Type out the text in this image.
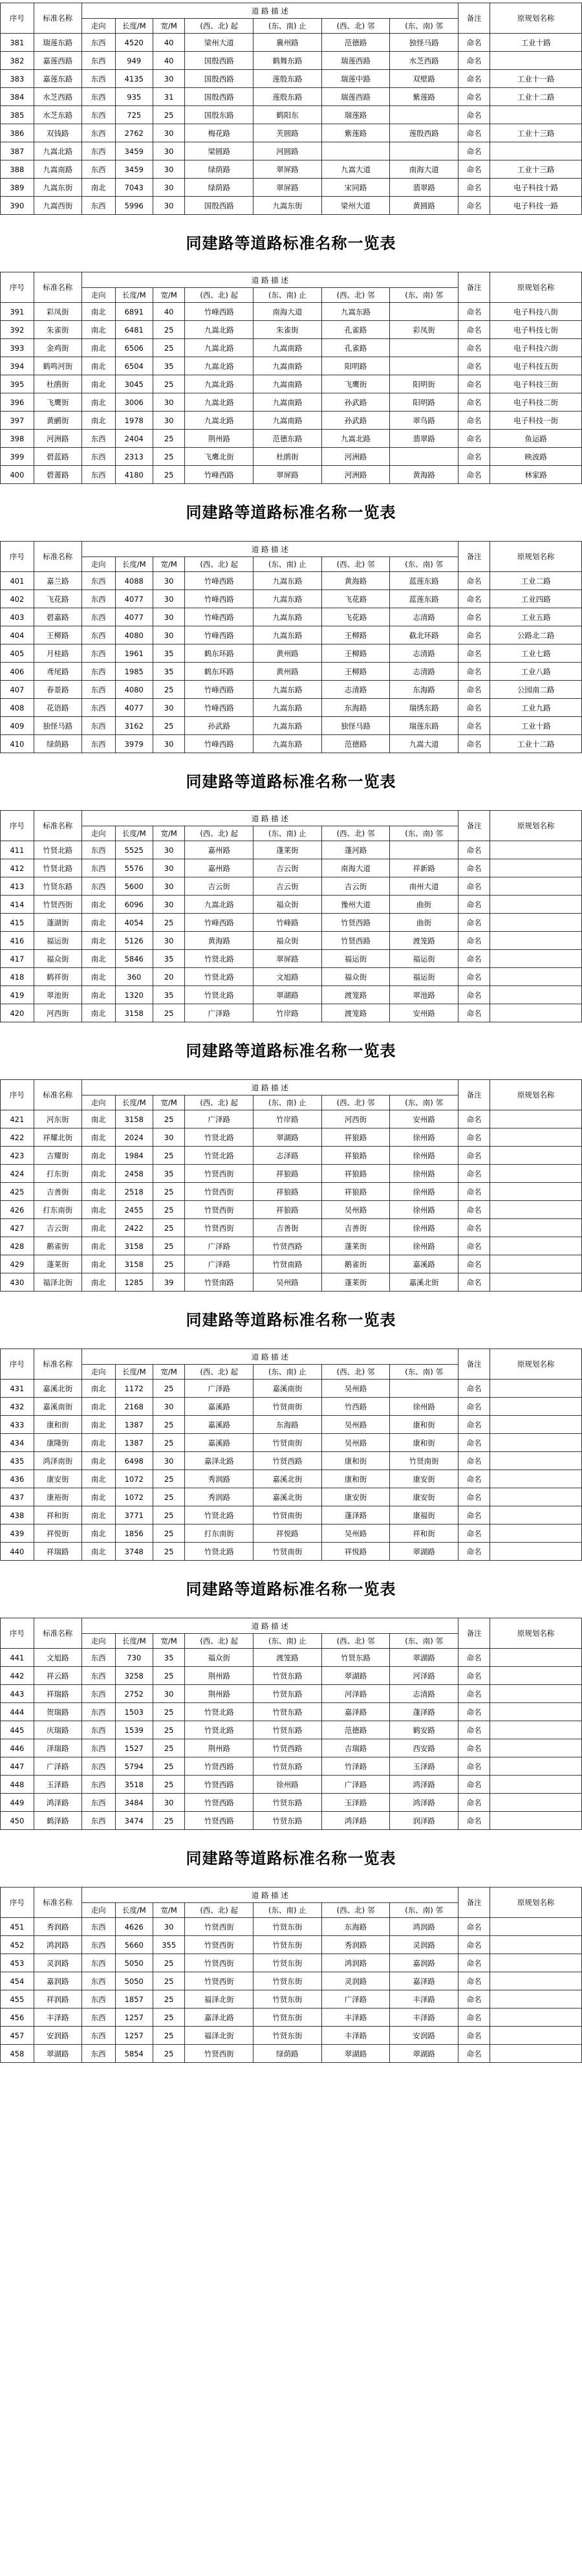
序号	标准名称	道 路 描 述							备注	原规划名称
		走向	长度/M	宽/M	(西、北) 起	(东、南) 止	(西、北) 邻	(东、南) 邻		
381	瑞莲东路	东西	4520	40	梁州大道	冀州路	范德路	独怪马路	命名	工业十路
382	嘉莲西路	东西	949	40	国殷西路	鹤舞东路	瑞莲西路	水芝西路	命名	
383	嘉莲东路	东西	4135	30	国殷西路	莲殷东路	瑞莲中路	双壁路	命名	工业十一路
384	水芝西路	东西	935	31	国殷西路	莲殷东路	瑞莲西路	紫莲路	命名	工业十二路
385	水芝东路	东西	725	25	国殷东路	鹤阳东	瑞莲路		命名	
386	双钱路	东西	2762	30	梅花路	芙圆路	紫莲路	莲殷西路	命名	工业十三路
387	九嵩北路	东西	3459	30	梁圆路	河圆路			命名	
388	九嵩南路	东西	3459	30	绿荫路	翠屏路	九嵩大道	南海大道	命名	工业十三路
389	九嵩东街	南北	7043	30	绿荫路	翠屏路	宋同路	翡翠路	命名	电子科技十路
390	九嵩西街	东西	5996	30	国殷西路	九嵩东街	梁州大道	黄圆路	命名	电子科技一路
同建路等道路标准名称一览表
序号	标准名称	道 路 描 述							备注	原规划名称
		走向	长度/M	宽/M	(西、北) 起	(东、南) 止	(西、北) 邻	(东、南) 邻		
391	彩凤街	南北	6891	40	竹峰西路	南海大道	九嵩东路		命名	电子科技八街
392	朱雀街	南北	6481	25	九嵩北路	朱雀街	孔雀路	彩凤街	命名	电子科技七街
393	金鸡街	南北	6506	25	九嵩北路	九嵩南路	孔雀路		命名	电子科技六街
394	鹤鸣河街	南北	6504	35	九嵩北路	九嵩南路	阳明路		命名	电子科技五街
395	杜鹃街	南北	3045	25	九嵩北路	九嵩南路	飞鹰街	阳明街	命名	电子科技三街
396	飞鹰街	南北	3006	30	九嵩北路	九嵩南路	孙武路	阳明路	命名	电子科技二街
397	黄鹂街	南北	1978	30	九嵩北路	九嵩南路	孙武路	翠鸟路	命名	电子科技一街
398	河洲路	东西	2404	25	荆州路	范德东路	九嵩北路	翡翠路	命名	鱼运路
399	碧蓝路	东西	2313	25	飞鹰北街	杜鹃街	河洲路		命名	映波路
400	碧蔷路	东西	4180	25	竹峰西路	翠屏路	河洲路	黄海路	命名	林家路
同建路等道路标准名称一览表
序号	标准名称	道 路 描 述							备注	原规划名称
		走向	长度/M	宽/M	(西、北) 起	(东、南) 止	(西、北) 邻	(东、南) 邻		
401	嘉兰路	东西	4088	30	竹峰西路	九嵩东路	黄海路	蓝莲东路	命名	工业二路
402	飞花路	东西	4077	30	竹峰西路	九嵩东路	飞花路	蓝莲东路	命名	工业四路
403	碧嘉路	东西	4077	30	竹峰西路	九嵩东路	飞花路	志清路	命名	工业五路
404	王柳路	东西	4080	30	竹峰西路	九嵩东路	王柳路	截北环路	命名	公路北二路
405	月桂路	东西	1961	35	鹤东环路	黄州路	王柳路	志清路	命名	工业七路
406	鸢尾路	东西	1985	35	鹤东环路	黄州路	王柳路	志清路	命名	工业八路
407	春景路	东西	4080	25	竹峰西路	九嵩东路	志清路	东海路	命名	公园南二路
408	花语路	东西	4077	30	竹峰西路	九嵩东路	东海路	瑞绣东路	命名	工业九路
409	独怪马路	东西	3162	25	孙武路	九嵩东路	独怪马路	瑞莲东路	命名	工业十路
410	绿荫路	东西	3979	30	竹峰西路	九嵩东路	范德路	九嵩大道	命名	工业十二路
同建路等道路标准名称一览表
序号	标准名称	道 路 描 述							备注	原规划名称
		走向	长度/M	宽/M	(西、北) 起	(东、南) 止	(西、北) 邻	(东、南) 邻		
411	竹贤北路	东西	5525	30	嘉州路	蓬莱街	蓬河路		命名	
412	竹贤北路	东西	5576	30	嘉州路	吉云街	南海大道	祥新路	命名	
413	竹贤东路	东西	5600	30	吉云街	吉云街	吉云街	南州大道	命名	
414	竹贤西街	南北	6096	30	九嵩北路	福众街	豫州大道	曲街	命名	
415	蓬湖街	南北	4054	25	竹峰西路	竹峰路	竹贤西路	曲街	命名	
416	福运街	南北	5126	30	黄海路	福众街	竹贤西路	渡笼路	命名	
417	福众街	南北	5846	35	竹贤北路	翠屏路	福运街	福运街	命名	
418	鹤祥街	南北	360	20	竹贤北路	文旭路	福众街	福运街	命名	
419	翠池街	南北	1320	35	竹贤北路	翠湖路	渡笼路	翠池路	命名	
420	河西街	南北	3158	25	广泽路	竹岸路	渡笼路	安州路	命名	
同建路等道路标准名称一览表
序号	标准名称	道 路 描 述							备注	原规划名称
		走向	长度/M	宽/M	(西、北) 起	(东、南) 止	(西、北) 邻	(东、南) 邻		
421	河东街	南北	3158	25	广泽路	竹岸路	河西街	安州路	命名	
422	祥耀北街	南北	2024	30	竹贤北路	翠湖路	祥狼路	徐州路	命名	
423	吉耀街	南北	1984	25	竹贤北路	志泽路	祥狼路	徐州路	命名	
424	打东街	南北	2458	35	竹贤西街	祥狼路	祥狼路	徐州路	命名	
425	吉善街	南北	2518	25	竹贤西街	祥狼路	祥狼路	徐州路	命名	
426	打东南街	南北	2455	25	竹贤西街	祥狼路	吴州路	徐州路	命名	
427	吉云街	南北	2422	25	竹贤西街	吉善街	吉善街	徐州路	命名	
428	鹅雀街	南北	3158	25	广泽路	竹贤西路	蓬莱街	徐州路	命名	
429	蓬莱街	南北	3158	25	广泽路	竹贤南路	鹅雀街	嘉溪路	命名	
430	福泽北街	南北	1285	39	竹贤南路	吴州路	蓬莱街	嘉溪北街	命名	
同建路等道路标准名称一览表
序号	标准名称	道 路 描 述							备注	原规划名称
		走向	长度/M	宽/M	(西、北) 起	(东、南) 止	(西、北) 邻	(东、南) 邻		
431	嘉溪北街	南北	1172	25	广泽路	嘉溪南街	吴州路		命名	
432	嘉溪南街	南北	2168	30	嘉溪路	竹贤南街	竹西路	徐州路	命名	
433	康和街	南北	1387	25	嘉溪路	东海路	吴州路	康和街	命名	
434	康隆街	南北	1387	25	嘉溪路	竹贤南街	吴州路	康和街	命名	
435	鸿泽南街	南北	6498	30	嘉泽北路	竹贤西路	康和街	竹贤南街	命名	
436	康安街	南北	1072	25	秀润路	嘉溪北街	康和街	康安街	命名	
437	康裕街	南北	1072	25	秀润路	嘉溪北街	康安街	康安街	命名	
438	祥和街	南北	3771	25	竹贤北路	竹贤南街	蓬泽路	康福街	命名	
439	祥悦街	南北	1856	25	打东南街	祥悦路	吴州路	祥和街	命名	
440	祥瑞路	南北	3748	25	竹贤北路	竹贤南街	祥悦路	翠湖路	命名	
同建路等道路标准名称一览表
序号	标准名称	道 路 描 述							备注	原规划名称
		走向	长度/M	宽/M	(西、北) 起	(东、南) 止	(西、北) 邻	(东、南) 邻		
441	文旭路	东西	730	35	福众街	渡笼路	竹贤东路	翠湖路	命名	
442	祥云路	东西	3258	25	荆州路	竹贤东路	翠湖路	河泽路	命名	
443	祥瑞路	东西	2752	30	荆州路	竹贤东路	河泽路	志清路	命名	
444	贺瑞路	东西	1503	25	竹贤北路	竹贤东路	嘉泽路	蓬泽路	命名	
445	庆瑞路	东西	1539	25	竹贤北路	竹贤东路	范德路	鹤安路	命名	
446	泽瑞路	东西	1527	25	荆州路	竹贤西路	吉瑞路	西安路	命名	
447	广泽路	东西	5794	25	竹贤西路	竹贤东路	竹泽路	玉泽路	命名	
448	玉泽路	东西	3518	25	竹贤西路	徐州路	广泽路	鸿泽路	命名	
449	鸿泽路	东西	3484	30	竹贤西路	竹贤东路	玉泽路	鸿泽路	命名	
450	鹤泽路	东西	3474	25	竹贤西路	竹贤东路	鸿泽路	润泽路	命名	
同建路等道路标准名称一览表
序号	标准名称	道 路 描 述							备注	原规划名称
		走向	长度/M	宽/M	(西、北) 起	(东、南) 止	(西、北) 邻	(东、南) 邻		
451	秀润路	东西	4626	30	竹贤西街	竹贤东街	东海路	鸿润路	命名	
452	鸿润路	东西	5660	355	竹贤西街	竹贤东街	秀润路	灵润路	命名	
453	灵润路	东西	5050	25	竹贤西街	竹贤东街	鸿润路	嘉润路	命名	
454	嘉润路	东西	5050	25	竹贤西街	竹贤东街	灵润路	嘉泽路	命名	
455	祥润路	东西	1857	25	福泽北街	竹贤东街	广泽路	丰泽路	命名	
456	丰泽路	东西	1257	25	嘉泽北路	竹贤东街	丰泽路	丰泽路	命名	
457	安润路	东西	1257	25	福泽北街	竹贤东街	丰泽路	安润路	命名	
458	翠湖路	东西	5854	25	竹贤西街	绿荫路	翠湖路	翠湖路	命名	
